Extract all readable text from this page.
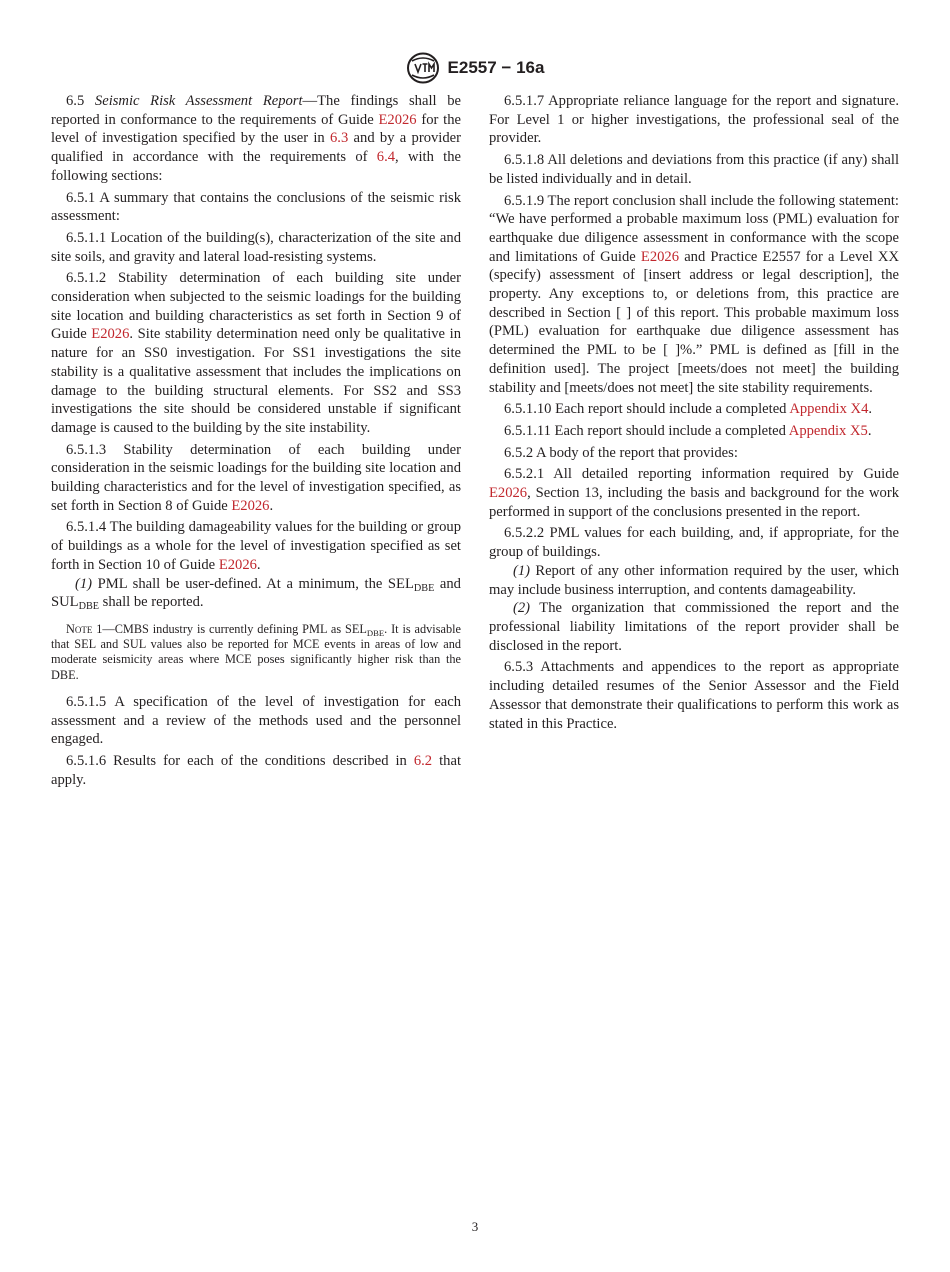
E2557 − 16a

6.5 Seismic Risk Assessment Report—The findings shall be reported in conformance to the requirements of Guide E2026 for the level of investigation specified by the user in 6.3 and by a provider qualified in accordance with the requirements of 6.4, with the following sections:

6.5.1 A summary that contains the conclusions of the seismic risk assessment:

6.5.1.1 Location of the building(s), characterization of the site and site soils, and gravity and lateral load-resisting systems.

6.5.1.2 Stability determination of each building site under consideration when subjected to the seismic loadings for the building site location and building characteristics as set forth in Section 9 of Guide E2026. Site stability determination need only be qualitative in nature for an SS0 investigation. For SS1 investigations the site stability is a qualitative assessment that includes the implications on damage to the building structural elements. For SS2 and SS3 investigations the site should be considered unstable if significant damage is caused to the building by the site instability.

6.5.1.3 Stability determination of each building under consideration in the seismic loadings for the building site location and building characteristics and for the level of investigation specified, as set forth in Section 8 of Guide E2026.

6.5.1.4 The building damageability values for the building or group of buildings as a whole for the level of investigation specified as set forth in Section 10 of Guide E2026.

(1) PML shall be user-defined. At a minimum, the $SEL_{DBE}$ and $SUL_{DBE}$ shall be reported.

Note 1—CMBS industry is currently defining PML as $SEL_{DBE}$. It is advisable that SEL and SUL values also be reported for MCE events in areas of low and moderate seismicity areas where MCE poses significantly higher risk than the DBE.

6.5.1.5 A specification of the level of investigation for each assessment and a review of the methods used and the personnel engaged.

6.5.1.6 Results for each of the conditions described in 6.2 that apply.

6.5.1.7 Appropriate reliance language for the report and signature. For Level 1 or higher investigations, the professional seal of the provider.

6.5.1.8 All deletions and deviations from this practice (if any) shall be listed individually and in detail.

6.5.1.9 The report conclusion shall include the following statement: “We have performed a probable maximum loss (PML) evaluation for earthquake due diligence assessment in conformance with the scope and limitations of Guide E2026 and Practice E2557 for a Level XX (specify) assessment of [insert address or legal description], the property. Any exceptions to, or deletions from, this practice are described in Section [ ] of this report. This probable maximum loss (PML) evaluation for earthquake due diligence assessment has determined the PML to be [ ]%.” PML is defined as [fill in the definition used]. The project [meets/does not meet] the building stability and [meets/does not meet] the site stability requirements.

6.5.1.10 Each report should include a completed Appendix X4.

6.5.1.11 Each report should include a completed Appendix X5.

6.5.2 A body of the report that provides:

6.5.2.1 All detailed reporting information required by Guide E2026, Section 13, including the basis and background for the work performed in support of the conclusions presented in the report.

6.5.2.2 PML values for each building, and, if appropriate, for the group of buildings.

(1) Report of any other information required by the user, which may include business interruption, and contents damageability.

(2) The organization that commissioned the report and the professional liability limitations of the report provider shall be disclosed in the report.

6.5.3 Attachments and appendices to the report as appropriate including detailed resumes of the Senior Assessor and the Field Assessor that demonstrate their qualifications to perform this work as stated in this Practice.

3
